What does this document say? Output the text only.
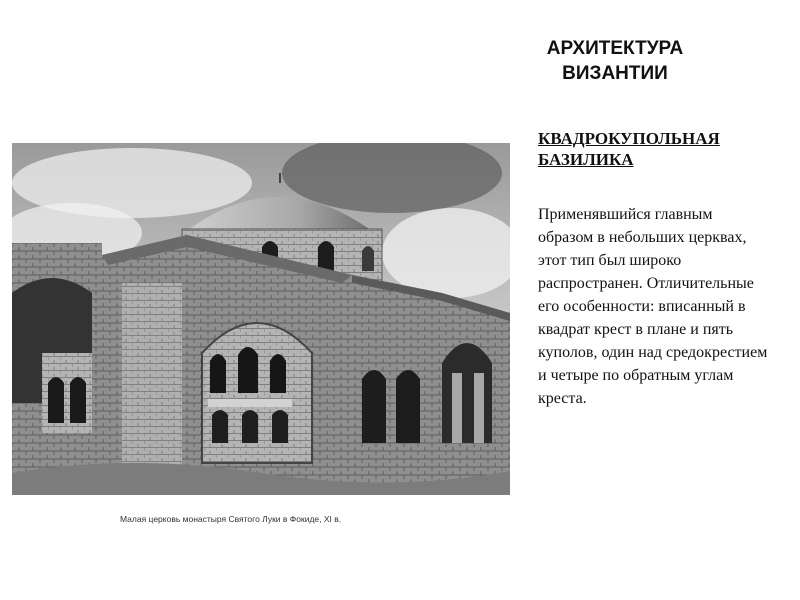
АРХИТЕКТУРА
ВИЗАНТИИ
КВАДРОКУПОЛЬНАЯ
БАЗИЛИКА
Применявшийся главным образом в небольших церквах, этот тип был широко распространен. Отличительные его особенности: вписанный в квадрат крест в плане и пять куполов, один над средокрестием и четыре по обратным углам креста.
Малая церковь монастыря Святого Луки в Фокиде, XI в.
